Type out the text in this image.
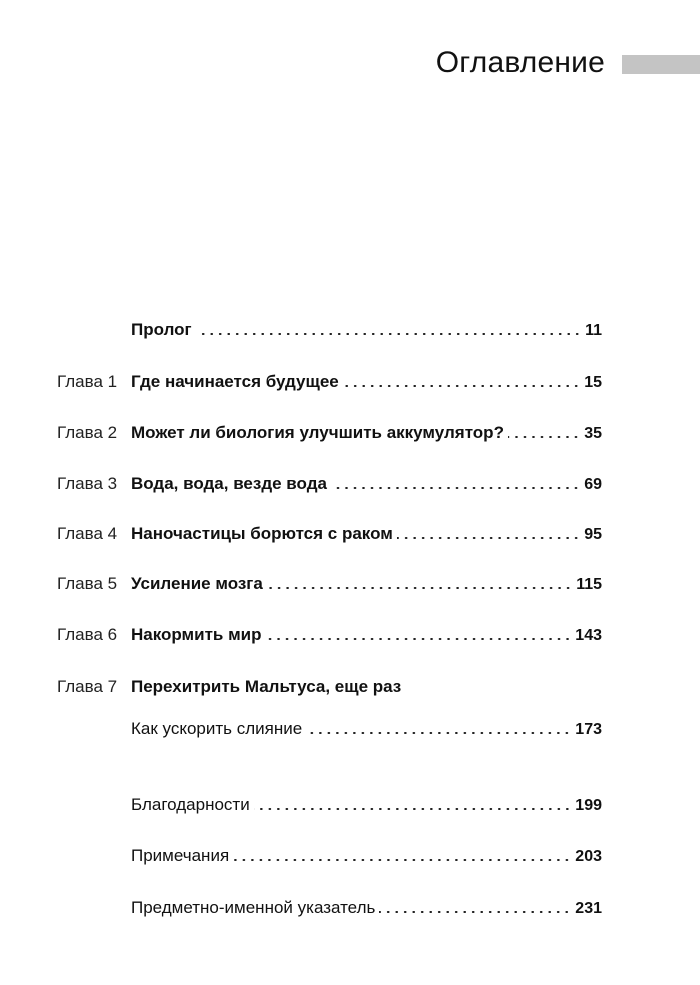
Оглавление
Пролог	11
Глава 1 Где начинается будущее	15
Глава 2 Может ли биология улучшить аккумулятор?	35
Глава 3 Вода, вода, везде вода	69
Глава 4 Наночастицы борются с раком	95
Глава 5 Усиление мозга	115
Глава 6 Накормить мир	143
Глава 7 Перехитрить Мальтуса, еще раз
Как ускорить слияние	173
Благодарности	199
Примечания	203
Предметно-именной указатель	231
